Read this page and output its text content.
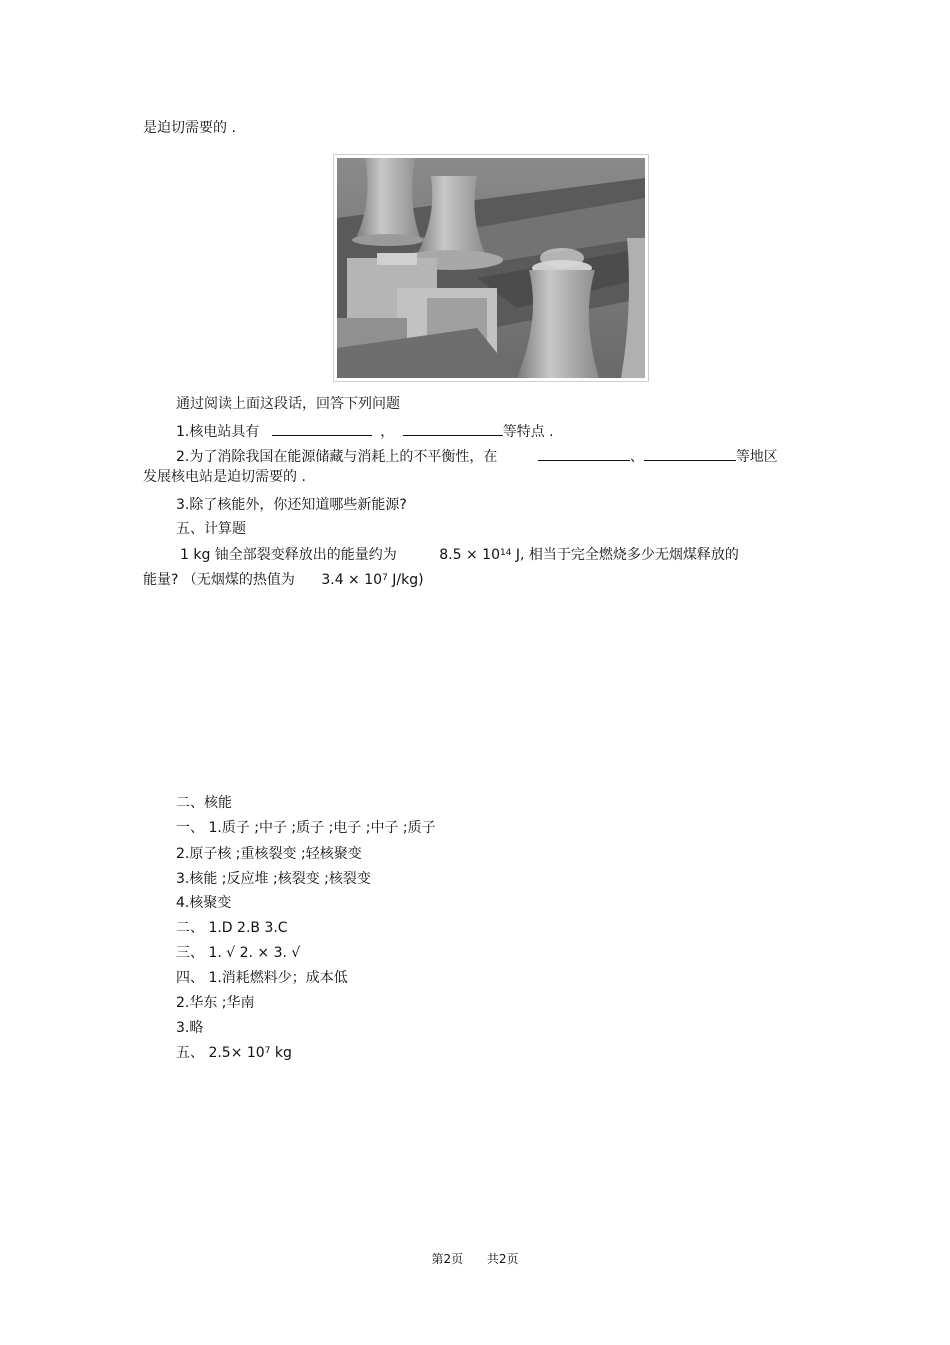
是迫切需要的 .
通过阅读上面这段话，回答下列问题
1.核电站具有	，	等特点 .
2.为了消除我国在能源储藏与消耗上的不平衡性，在	、	等地区
发展核电站是迫切需要的 .
3.除了核能外，你还知道哪些新能源?
五、计算题
1 kg 铀全部裂变释放出的能量约为	$8.5 \times 10^{14}$ J, 相当于完全燃烧多少无烟煤释放的
能量? （无烟煤的热值为 $3.4 \times 10^7$ J/kg)
二、核能
一、 1.质子 ;中子 ;质子 ;电子 ;中子 ;质子
2.原子核 ;重核裂变 ;轻核聚变
3.核能 ;反应堆 ;核裂变 ;核裂变
4.核聚变
二、 1.D 2.B 3.C
三、 1. √ 2. × 3. √
四、 1.消耗燃料少；成本低
2.华东 ;华南
3.略
五、 $2.5\times 10^7$ kg
第2页 共2页
